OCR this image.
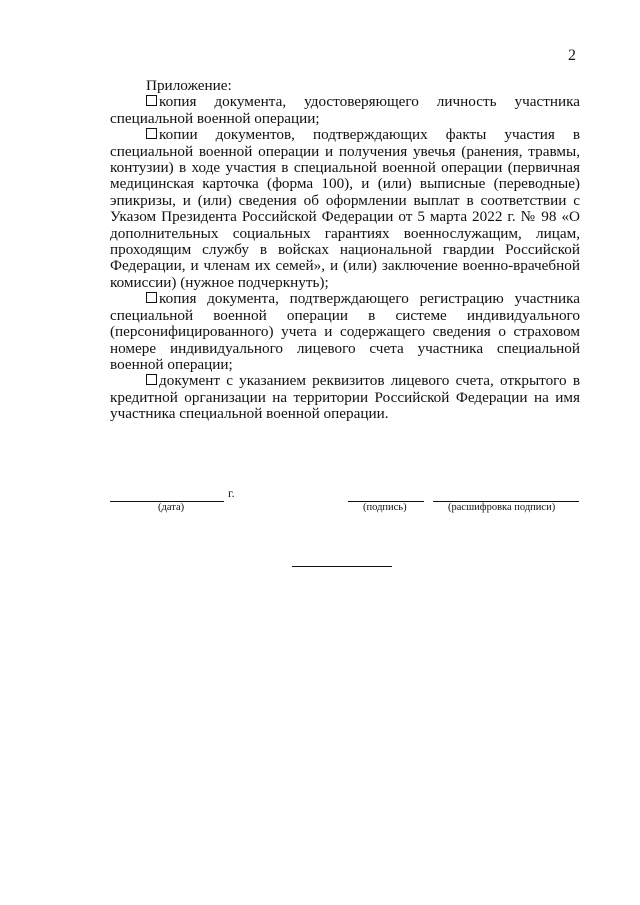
2

Приложение:

копия документа, удостоверяющего личность участника специальной военной операции;

копии документов, подтверждающих факты участия в специальной военной операции и получения увечья (ранения, травмы, контузии) в ходе участия в специальной военной операции (первичная медицинская карточка (форма 100), и (или) выписные (переводные) эпикризы, и (или) сведения об оформлении выплат в соответствии с Указом Президента Российской Федерации от 5 марта 2022 г. № 98 «О дополнительных социальных гарантиях военнослужащим, лицам, проходящим службу в войсках национальной гвардии Российской Федерации, и членам их семей», и (или) заключение военно-врачебной комиссии) (нужное подчеркнуть);

копия документа, подтверждающего регистрацию участника специальной военной операции в системе индивидуального (персонифицированного) учета и содержащего сведения о страховом номере индивидуального лицевого счета участника специальной военной операции;

документ с указанием реквизитов лицевого счета, открытого в кредитной организации на территории Российской Федерации на имя участника специальной военной операции.

г.
(дата)	(подпись)	(расшифровка подписи)
